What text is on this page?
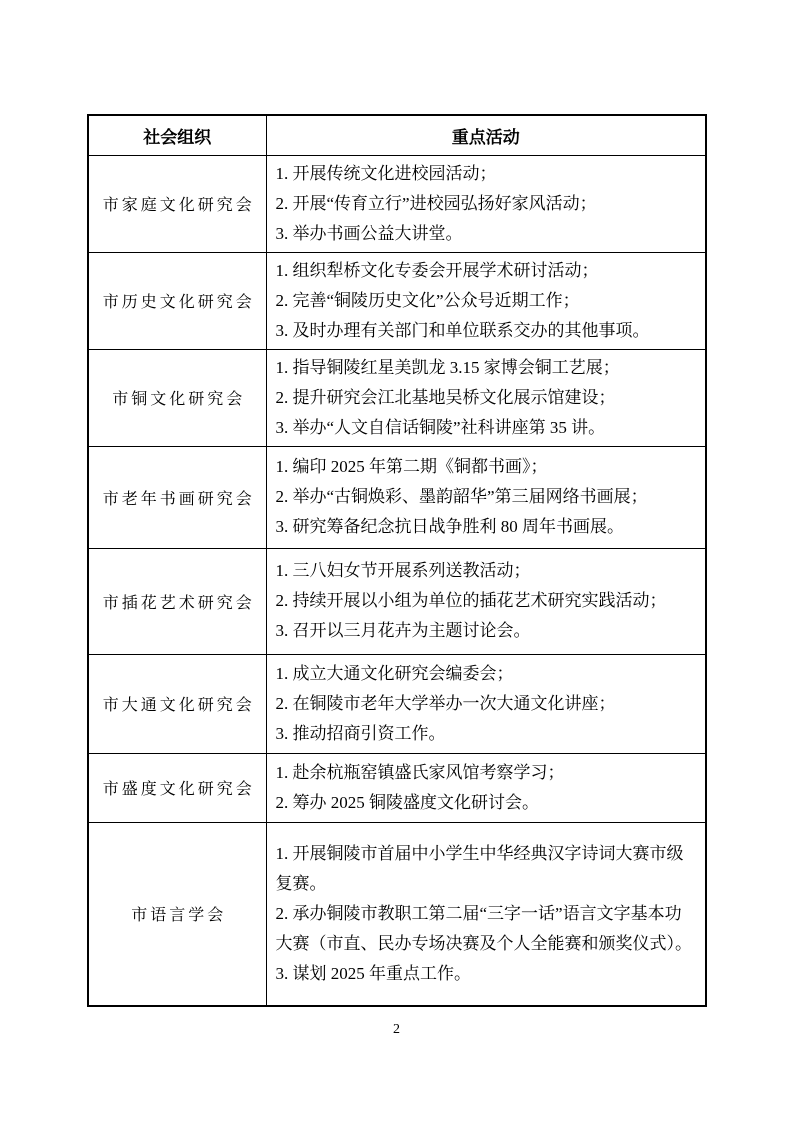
社会组织	重点活动
市家庭文化研究会	1. 开展传统文化进校园活动；
2. 开展“传育立行”进校园弘扬好家风活动；
3. 举办书画公益大讲堂。

市历史文化研究会	1. 组织犁桥文化专委会开展学术研讨活动；
2. 完善“铜陵历史文化”公众号近期工作；
3. 及时办理有关部门和单位联系交办的其他事项。

市铜文化研究会	1. 指导铜陵红星美凯龙 3.15 家博会铜工艺展；
2. 提升研究会江北基地吴桥文化展示馆建设；
3. 举办“人文自信话铜陵”社科讲座第 35 讲。

市老年书画研究会	1. 编印 2025 年第二期《铜都书画》；
2. 举办“古铜焕彩、墨韵韶华”第三届网络书画展；
3. 研究筹备纪念抗日战争胜利 80 周年书画展。

市插花艺术研究会	1. 三八妇女节开展系列送教活动；
2. 持续开展以小组为单位的插花艺术研究实践活动；
3. 召开以三月花卉为主题讨论会。

市大通文化研究会	1. 成立大通文化研究会编委会；
2. 在铜陵市老年大学举办一次大通文化讲座；
3. 推动招商引资工作。

市盛度文化研究会	1. 赴余杭瓶窑镇盛氏家风馆考察学习；
2. 筹办 2025 铜陵盛度文化研讨会。

市语言学会	1. 开展铜陵市首届中小学生中华经典汉字诗词大赛市级复赛。
2. 承办铜陵市教职工第二届“三字一话”语言文字基本功大赛（市直、民办专场决赛及个人全能赛和颁奖仪式）。
3. 谋划 2025 年重点工作。
2
